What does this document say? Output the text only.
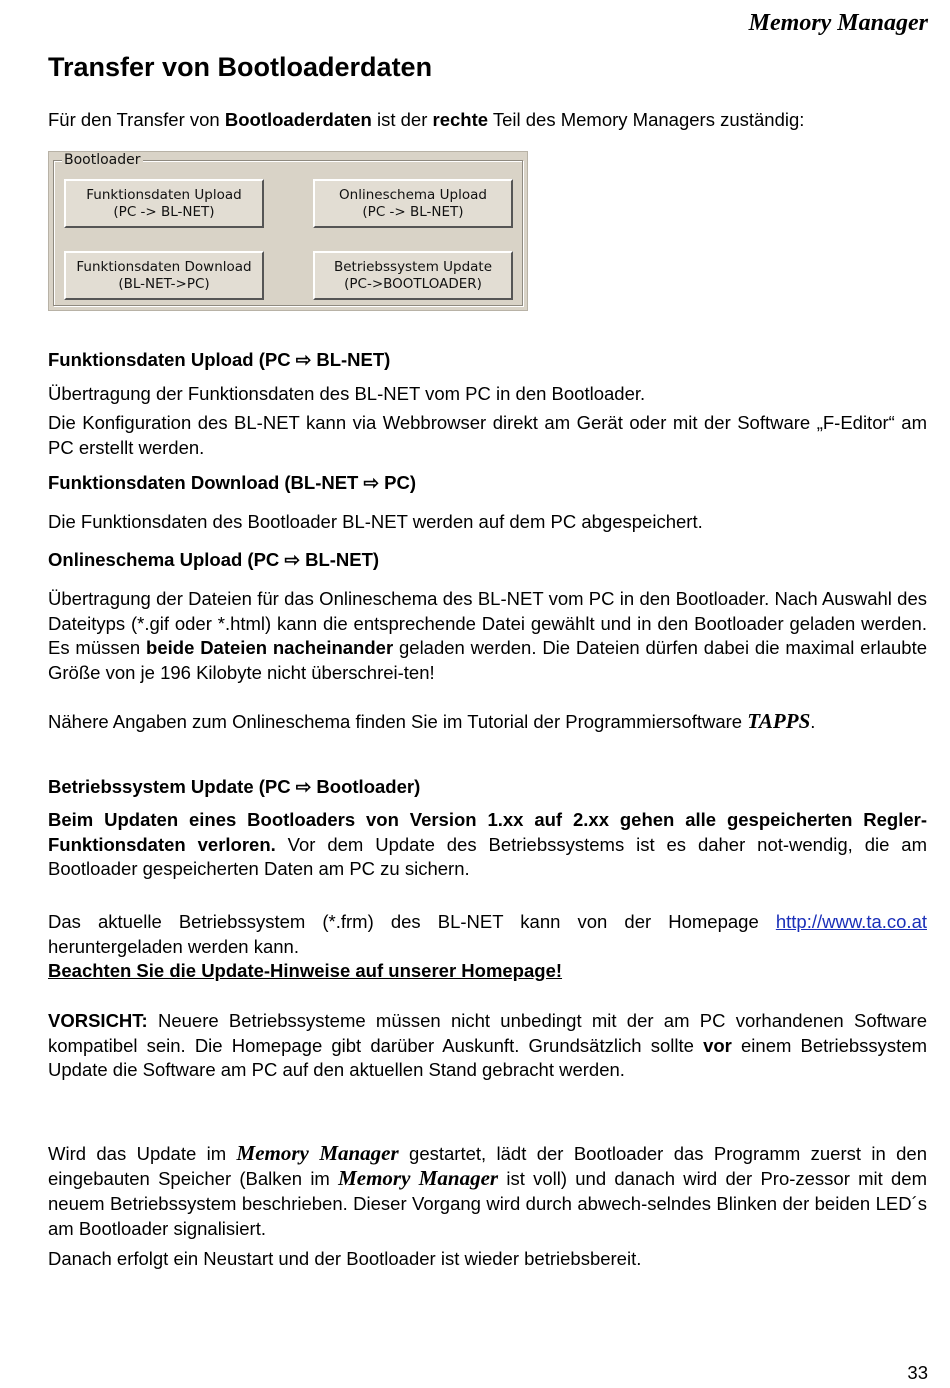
Memory Manager
Transfer von Bootloaderdaten

Für den Transfer von Bootloaderdaten ist der rechte Teil des Memory Managers zuständig:

Bootloader
Funktionsdaten Upload
(PC -> BL-NET)
Onlineschema Upload
(PC -> BL-NET)
Funktionsdaten Download
(BL-NET->PC)
Betriebssystem Update
(PC->BOOTLOADER)

Funktionsdaten Upload (PC ⇨ BL-NET)

Übertragung der Funktionsdaten des BL-NET vom PC in den Bootloader.

Die Konfiguration des BL-NET kann via Webbrowser direkt am Gerät oder mit der Software „F-Editor“ am PC erstellt werden.

Funktionsdaten Download (BL-NET ⇨ PC)

Die Funktionsdaten des Bootloader BL-NET werden auf dem PC abgespeichert.

Onlineschema Upload (PC ⇨ BL-NET)

Übertragung der Dateien für das Onlineschema des BL-NET vom PC in den Bootloader. Nach Auswahl des Dateityps (*.gif oder *.html) kann die entsprechende Datei gewählt und in den Bootloader geladen werden. Es müssen beide Dateien nacheinander geladen werden. Die Dateien dürfen dabei die maximal erlaubte Größe von je 196 Kilobyte nicht überschrei-ten!

Nähere Angaben zum Onlineschema finden Sie im Tutorial der Programmiersoftware TAPPS.

Betriebssystem Update (PC ⇨ Bootloader)

Beim Updaten eines Bootloaders von Version 1.xx auf 2.xx gehen alle gespeicherten Regler-Funktionsdaten verloren. Vor dem Update des Betriebssystems ist es daher not-wendig, die am Bootloader gespeicherten Daten am PC zu sichern.

Das aktuelle Betriebssystem (*.frm) des BL-NET kann von der Homepage http://www.ta.co.at heruntergeladen werden kann.

Beachten Sie die Update-Hinweise auf unserer Homepage!

VORSICHT: Neuere Betriebssysteme müssen nicht unbedingt mit der am PC vorhandenen Software kompatibel sein. Die Homepage gibt darüber Auskunft. Grundsätzlich sollte vor einem Betriebssystem Update die Software am PC auf den aktuellen Stand gebracht werden.

Wird das Update im Memory Manager gestartet, lädt der Bootloader das Programm zuerst in den eingebauten Speicher (Balken im Memory Manager ist voll) und danach wird der Pro-zessor mit dem neuem Betriebssystem beschrieben. Dieser Vorgang wird durch abwech-selndes Blinken der beiden LED´s am Bootloader signalisiert.

Danach erfolgt ein Neustart und der Bootloader ist wieder betriebsbereit.

33
